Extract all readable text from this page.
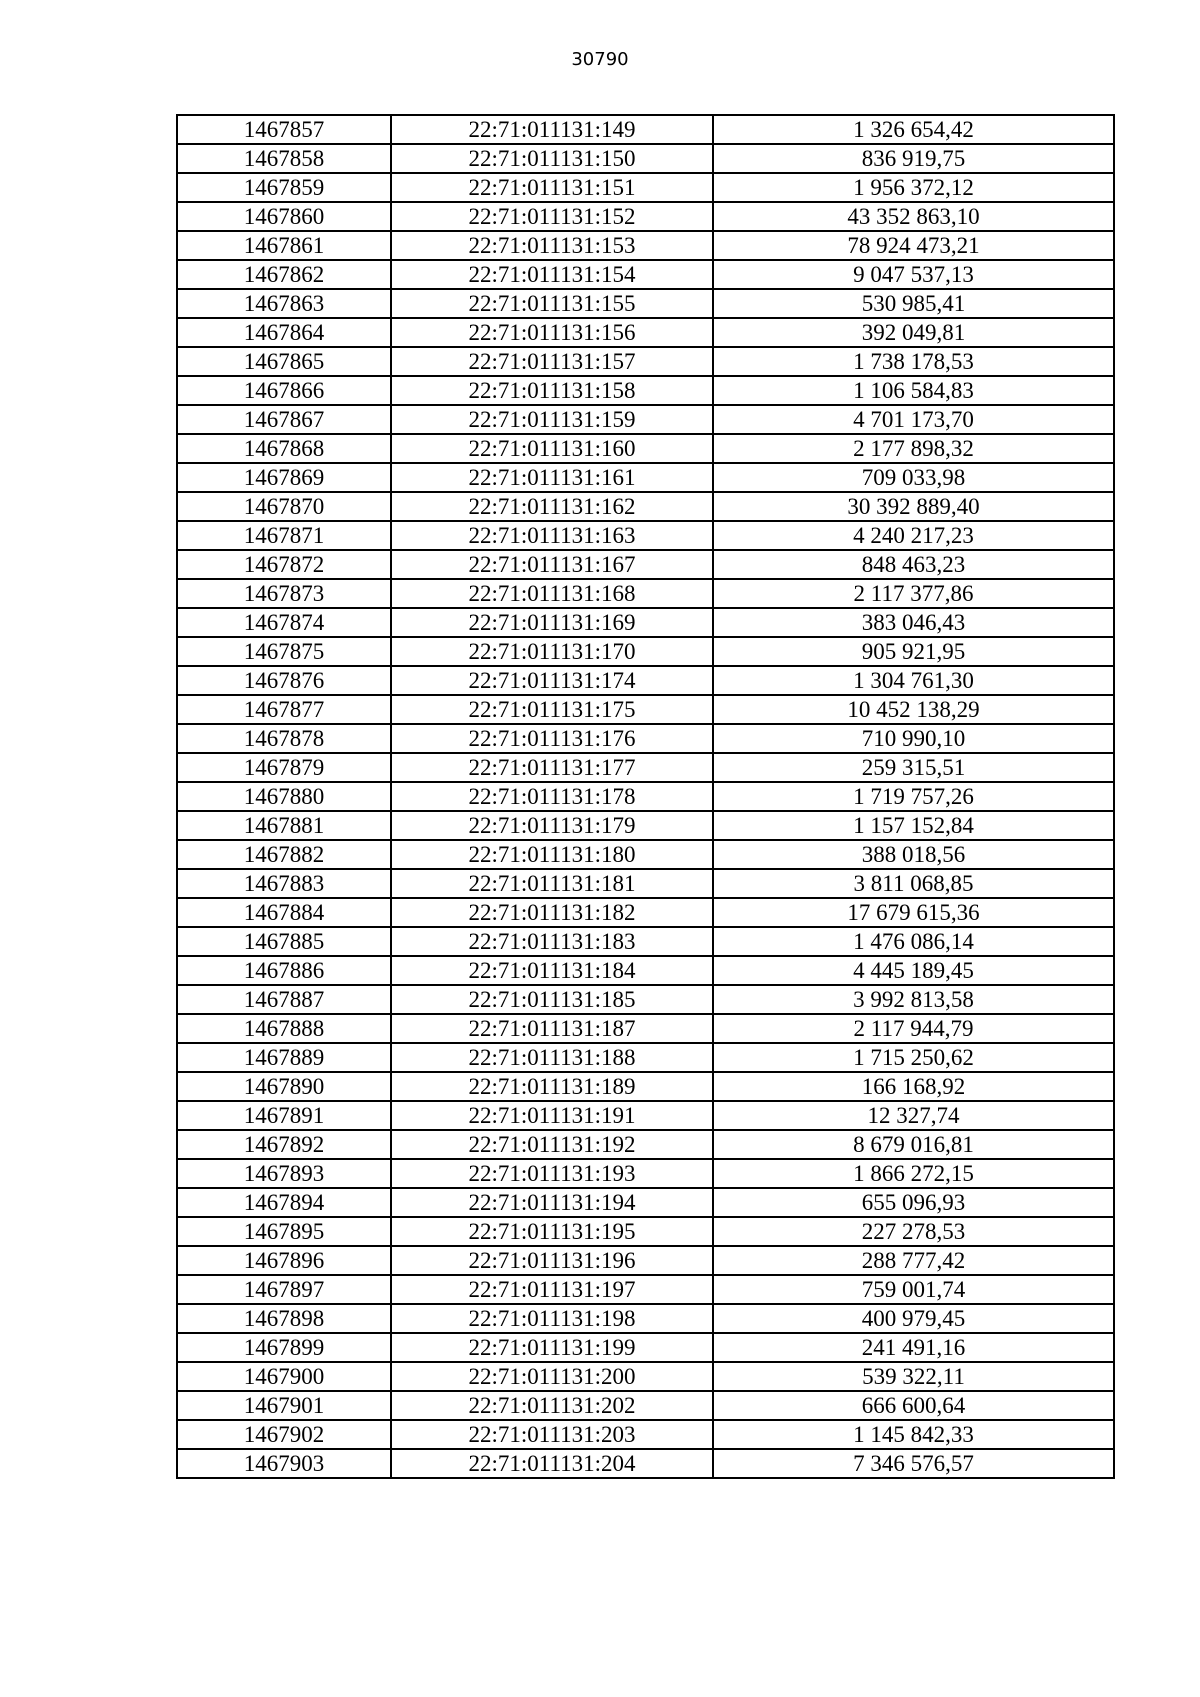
30790
1467857	22:71:011131:149	1 326 654,42
1467858	22:71:011131:150	836 919,75
1467859	22:71:011131:151	1 956 372,12
1467860	22:71:011131:152	43 352 863,10
1467861	22:71:011131:153	78 924 473,21
1467862	22:71:011131:154	9 047 537,13
1467863	22:71:011131:155	530 985,41
1467864	22:71:011131:156	392 049,81
1467865	22:71:011131:157	1 738 178,53
1467866	22:71:011131:158	1 106 584,83
1467867	22:71:011131:159	4 701 173,70
1467868	22:71:011131:160	2 177 898,32
1467869	22:71:011131:161	709 033,98
1467870	22:71:011131:162	30 392 889,40
1467871	22:71:011131:163	4 240 217,23
1467872	22:71:011131:167	848 463,23
1467873	22:71:011131:168	2 117 377,86
1467874	22:71:011131:169	383 046,43
1467875	22:71:011131:170	905 921,95
1467876	22:71:011131:174	1 304 761,30
1467877	22:71:011131:175	10 452 138,29
1467878	22:71:011131:176	710 990,10
1467879	22:71:011131:177	259 315,51
1467880	22:71:011131:178	1 719 757,26
1467881	22:71:011131:179	1 157 152,84
1467882	22:71:011131:180	388 018,56
1467883	22:71:011131:181	3 811 068,85
1467884	22:71:011131:182	17 679 615,36
1467885	22:71:011131:183	1 476 086,14
1467886	22:71:011131:184	4 445 189,45
1467887	22:71:011131:185	3 992 813,58
1467888	22:71:011131:187	2 117 944,79
1467889	22:71:011131:188	1 715 250,62
1467890	22:71:011131:189	166 168,92
1467891	22:71:011131:191	12 327,74
1467892	22:71:011131:192	8 679 016,81
1467893	22:71:011131:193	1 866 272,15
1467894	22:71:011131:194	655 096,93
1467895	22:71:011131:195	227 278,53
1467896	22:71:011131:196	288 777,42
1467897	22:71:011131:197	759 001,74
1467898	22:71:011131:198	400 979,45
1467899	22:71:011131:199	241 491,16
1467900	22:71:011131:200	539 322,11
1467901	22:71:011131:202	666 600,64
1467902	22:71:011131:203	1 145 842,33
1467903	22:71:011131:204	7 346 576,57
